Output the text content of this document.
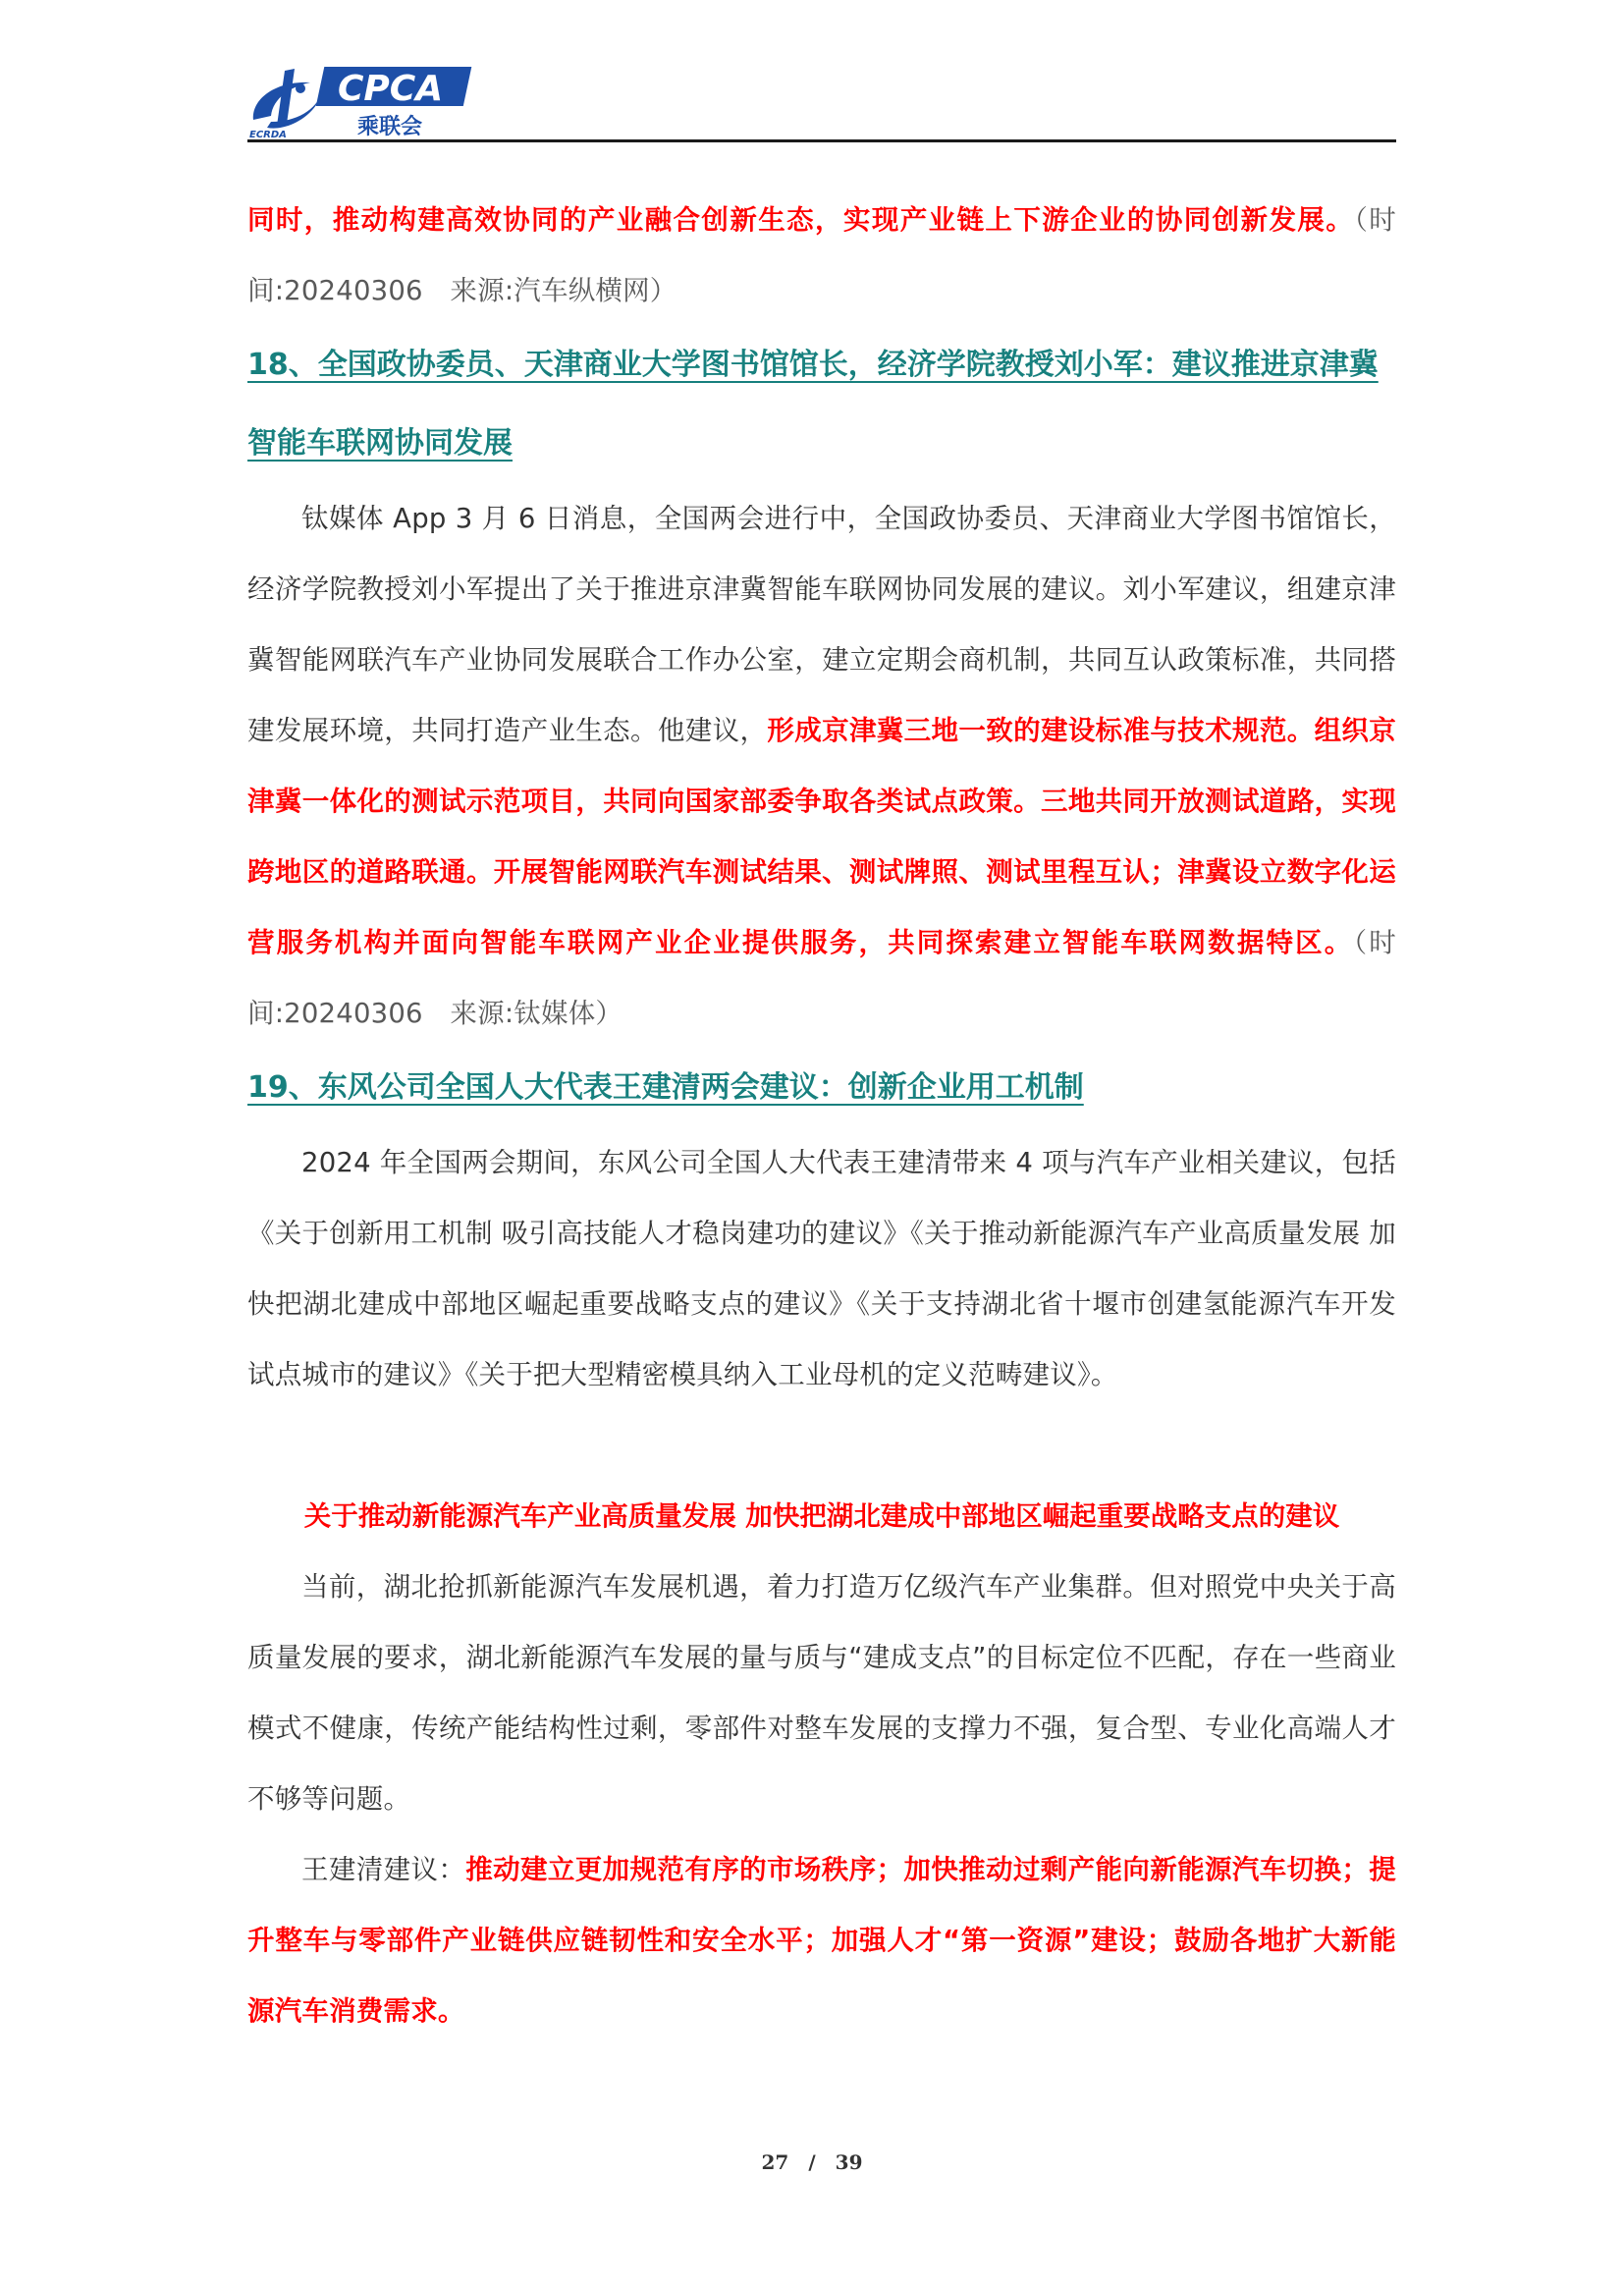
CPCA
乘联会
ECRDA

同时，推动构建高效协同的产业融合创新生态，实现产业链上下游企业的协同创新发展。（时间:20240306　来源:汽车纵横网）

18、全国政协委员、天津商业大学图书馆馆长，经济学院教授刘小军：建议推进京津冀智能车联网协同发展

钛媒体 App 3 月 6 日消息，全国两会进行中，全国政协委员、天津商业大学图书馆馆长，经济学院教授刘小军提出了关于推进京津冀智能车联网协同发展的建议。刘小军建议，组建京津冀智能网联汽车产业协同发展联合工作办公室，建立定期会商机制，共同互认政策标准，共同搭建发展环境，共同打造产业生态。他建议，形成京津冀三地一致的建设标准与技术规范。组织京津冀一体化的测试示范项目，共同向国家部委争取各类试点政策。三地共同开放测试道路，实现跨地区的道路联通。开展智能网联汽车测试结果、测试牌照、测试里程互认；津冀设立数字化运营服务机构并面向智能车联网产业企业提供服务，共同探索建立智能车联网数据特区。（时间:20240306　来源:钛媒体）

19、东风公司全国人大代表王建清两会建议：创新企业用工机制

2024 年全国两会期间，东风公司全国人大代表王建清带来 4 项与汽车产业相关建议，包括《关于创新用工机制 吸引高技能人才稳岗建功的建议》《关于推动新能源汽车产业高质量发展 加快把湖北建成中部地区崛起重要战略支点的建议》《关于支持湖北省十堰市创建氢能源汽车开发试点城市的建议》《关于把大型精密模具纳入工业母机的定义范畴建议》。

关于推动新能源汽车产业高质量发展 加快把湖北建成中部地区崛起重要战略支点的建议

当前，湖北抢抓新能源汽车发展机遇，着力打造万亿级汽车产业集群。但对照党中央关于高质量发展的要求，湖北新能源汽车发展的量与质与“建成支点”的目标定位不匹配，存在一些商业模式不健康，传统产能结构性过剩，零部件对整车发展的支撑力不强，复合型、专业化高端人才不够等问题。

王建清建议：推动建立更加规范有序的市场秩序；加快推动过剩产能向新能源汽车切换；提升整车与零部件产业链供应链韧性和安全水平；加强人才“第一资源”建设；鼓励各地扩大新能源汽车消费需求。

27　/　39
